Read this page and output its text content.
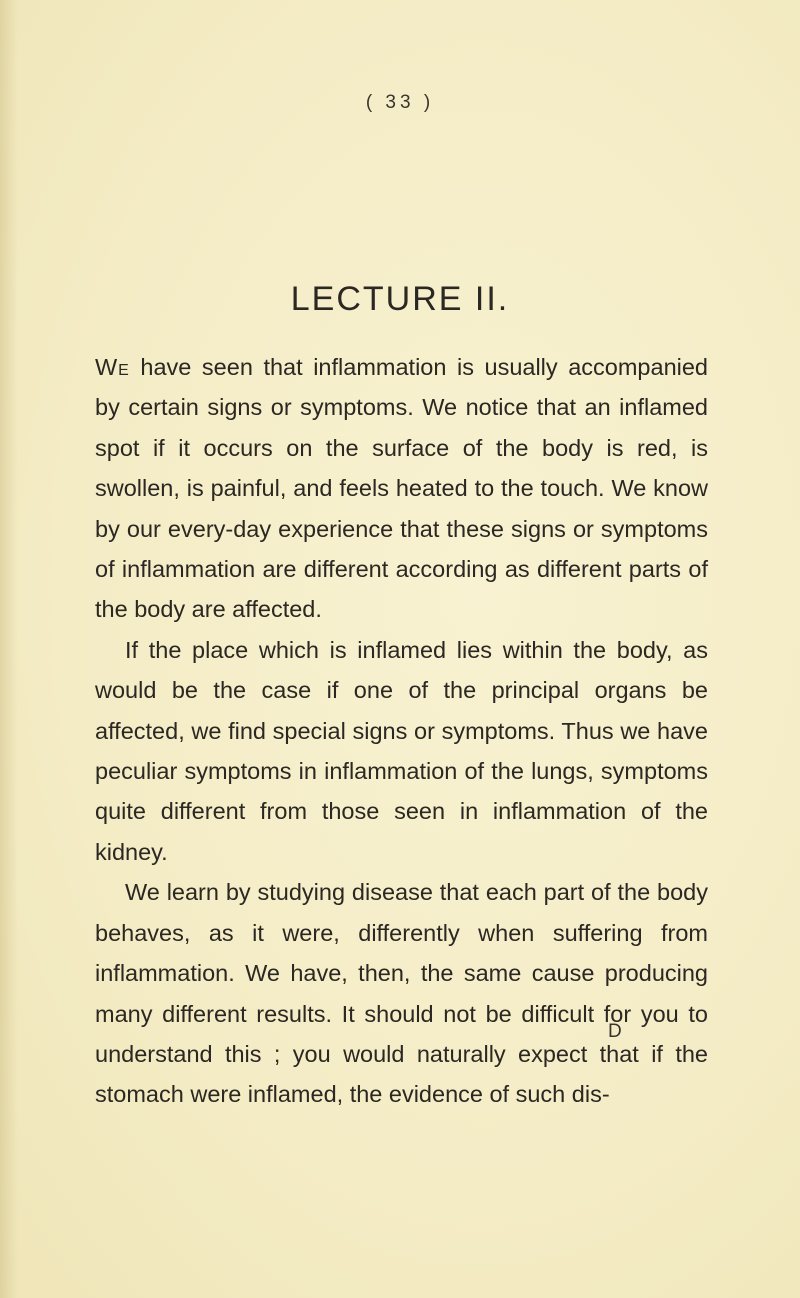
( 33 )
LECTURE II.

We have seen that inflammation is usually accompanied by certain signs or symptoms. We notice that an inflamed spot if it occurs on the surface of the body is red, is swollen, is painful, and feels heated to the touch. We know by our every-day experience that these signs or symptoms of inflammation are different according as different parts of the body are affected.

If the place which is inflamed lies within the body, as would be the case if one of the principal organs be affected, we find special signs or symptoms. Thus we have peculiar symptoms in inflammation of the lungs, symptoms quite different from those seen in inflammation of the kidney.

We learn by studying disease that each part of the body behaves, as it were, differently when suffering from inflammation. We have, then, the same cause producing many different results. It should not be difficult for you to understand this ; you would naturally expect that if the stomach were inflamed, the evidence of such dis-

D
